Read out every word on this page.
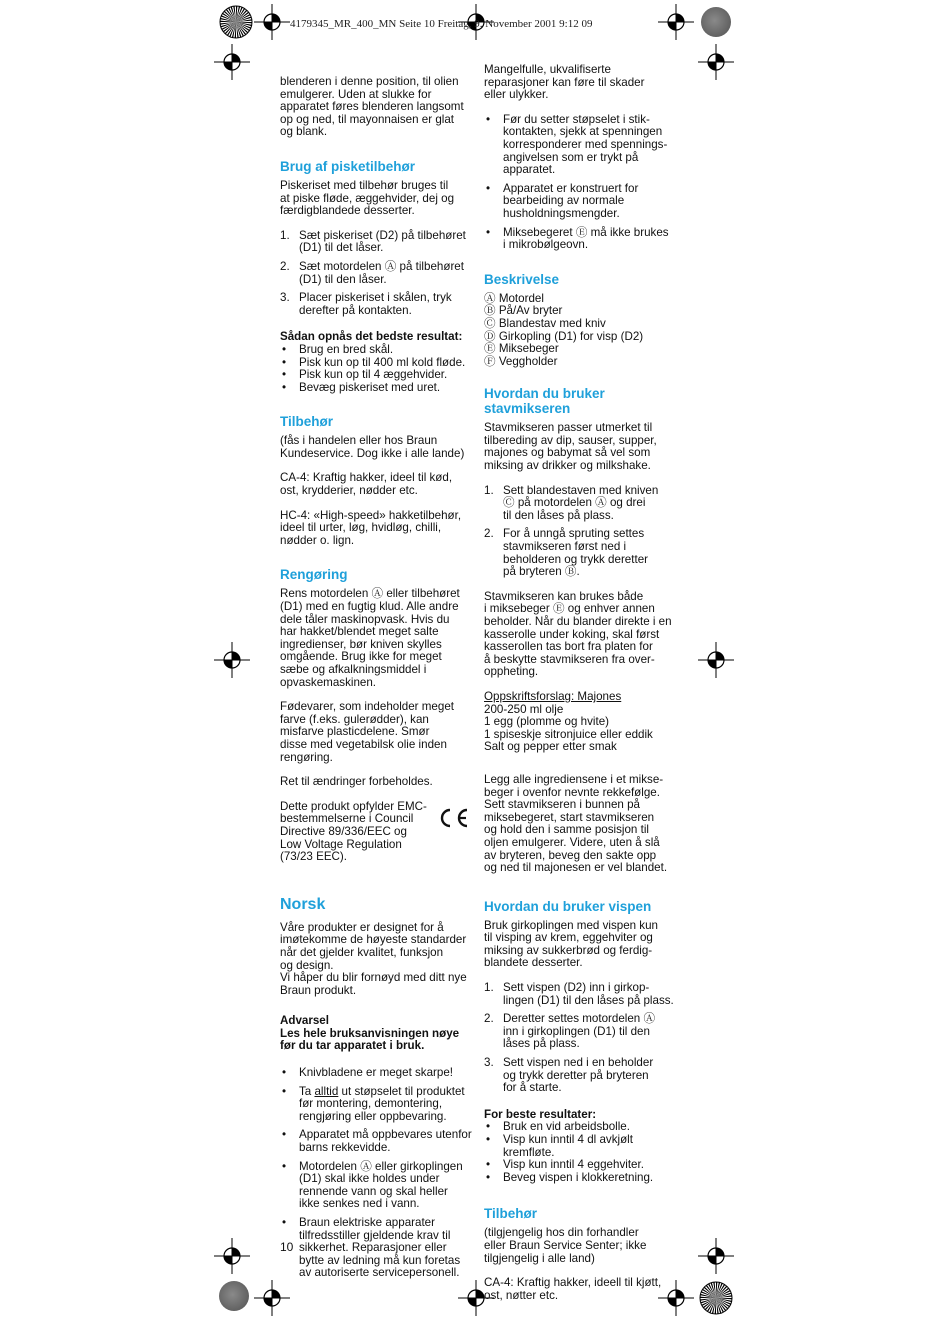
4179345_MR_400_MN Seite 10 Freitag, 9. November 2001 9:12 09

blenderen i denne position, til olien
emulgerer. Uden at slukke for
apparatet føres blenderen langsomt
op og ned, til mayonnaisen er glat
og blank.

Brug af pisketilbehør
Piskeriset med tilbehør bruges til
at piske fløde, æggehvider, dej og
færdigblandede desserter.
1. Sæt piskeriset (D2) på tilbehøret
(D1) til det låser.
2. Sæt motordelen Ⓐ på tilbehøret
(D1) til den låser.
3. Placer piskeriset i skålen, tryk
derefter på kontakten.
Sådan opnås det bedste resultat:
• Brug en bred skål.
• Pisk kun op til 400 ml kold fløde.
• Pisk kun op til 4 æggehvider.
• Bevæg piskeriset med uret.
Tilbehør
(fås i handelen eller hos Braun
Kundeservice. Dog ikke i alle lande)
CA-4: Kraftig hakker, ideel til kød,
ost, krydderier, nødder etc.
HC-4: «High-speed» hakketilbehør,
ideel til urter, løg, hvidløg, chilli,
nødder o. lign.
Rengøring
Rens motordelen Ⓐ eller tilbehøret
(D1) med en fugtig klud. Alle andre
dele tåler maskinopvask. Hvis du
har hakket/blendet meget salte
ingredienser, bør kniven skylles
omgående. Brug ikke for meget
sæbe og afkalkningsmiddel i
opvaskemaskinen.
Fødevarer, som indeholder meget
farve (f.eks. gulerødder), kan
misfarve plasticdelene. Smør
disse med vegetabilsk olie inden
rengøring.
Ret til ændringer forbeholdes.
Dette produkt opfylder EMC-
bestemmelserne i Council
Directive 89/336/EEC og
Low Voltage Regulation
(73/23 EEC).
Norsk
Våre produkter er designet for å
imøtekomme de høyeste standarder
når det gjelder kvalitet, funksjon
og design.
Vi håper du blir fornøyd med ditt nye
Braun produkt.
Advarsel
Les hele bruksanvisningen nøye
før du tar apparatet i bruk.
• Knivbladene er meget skarpe!
• Ta alltid ut støpselet til produktet
før montering, demontering,
rengjøring eller oppbevaring.
• Apparatet må oppbevares utenfor
barns rekkevidde.
• Motordelen Ⓐ eller girkoplingen
(D1) skal ikke holdes under
rennende vann og skal heller
ikke senkes ned i vann.
• Braun elektriske apparater
tilfredsstiller gjeldende krav til
sikkerhet. Reparasjoner eller
bytte av ledning må kun foretas
av autoriserte servicepersonell.
10
Mangelfulle, ukvalifiserte
reparasjoner kan føre til skader
eller ulykker.
• Før du setter støpselet i stik-
kontakten, sjekk at spenningen
korresponderer med spennings-
angivelsen som er trykt på
apparatet.
• Apparatet er konstruert for
bearbeiding av normale
husholdningsmengder.
• Miksebegeret Ⓔ må ikke brukes
i mikrobølgeovn.
Beskrivelse
Ⓐ Motordel
Ⓑ På/Av bryter
Ⓒ Blandestav med kniv
Ⓓ Girkopling (D1) for visp (D2)
Ⓔ Miksebeger
Ⓕ Veggholder
Hvordan du bruker
stavmikseren
Stavmikseren passer utmerket til
tilbereding av dip, sauser, supper,
majones og babymat så vel som
miksing av drikker og milkshake.
1. Sett blandestaven med kniven
Ⓒ på motordelen Ⓐ og drei
til den låses på plass.
2. For å unngå spruting settes
stavmikseren først ned i
beholderen og trykk deretter
på bryteren Ⓑ.
Stavmikseren kan brukes både
i miksebeger Ⓔ og enhver annen
beholder. Når du blander direkte i en
kasserolle under koking, skal først
kasserollen tas bort fra platen for
å beskytte stavmikseren fra over-
oppheting.
Oppskriftsforslag: Majones
200-250 ml olje
1 egg (plomme og hvite)
1 spiseskje sitronjuice eller eddik
Salt og pepper etter smak
Legg alle ingrediensene i et mikse-
beger i ovenfor nevnte rekkefølge.
Sett stavmikseren i bunnen på
miksebegeret, start stavmikseren
og hold den i samme posisjon til
oljen emulgerer. Videre, uten å slå
av bryteren, beveg den sakte opp
og ned til majonesen er vel blandet.
Hvordan du bruker vispen
Bruk girkoplingen med vispen kun
til visping av krem, eggehviter og
miksing av sukkerbrød og ferdig-
blandete desserter.
1. Sett vispen (D2) inn i girkop-
lingen (D1) til den låses på plass.
2. Deretter settes motordelen Ⓐ
inn i girkoplingen (D1) til den
låses på plass.
3. Sett vispen ned i en beholder
og trykk deretter på bryteren
for å starte.
For beste resultater:
• Bruk en vid arbeidsbolle.
• Visp kun inntil 4 dl avkjølt
kremfløte.
• Visp kun inntil 4 eggehviter.
• Beveg vispen i klokkeretning.
Tilbehør
(tilgjengelig hos din forhandler
eller Braun Service Senter; ikke
tilgjengelig i alle land)
CA-4: Kraftig hakker, ideell til kjøtt,
ost, nøtter etc.
